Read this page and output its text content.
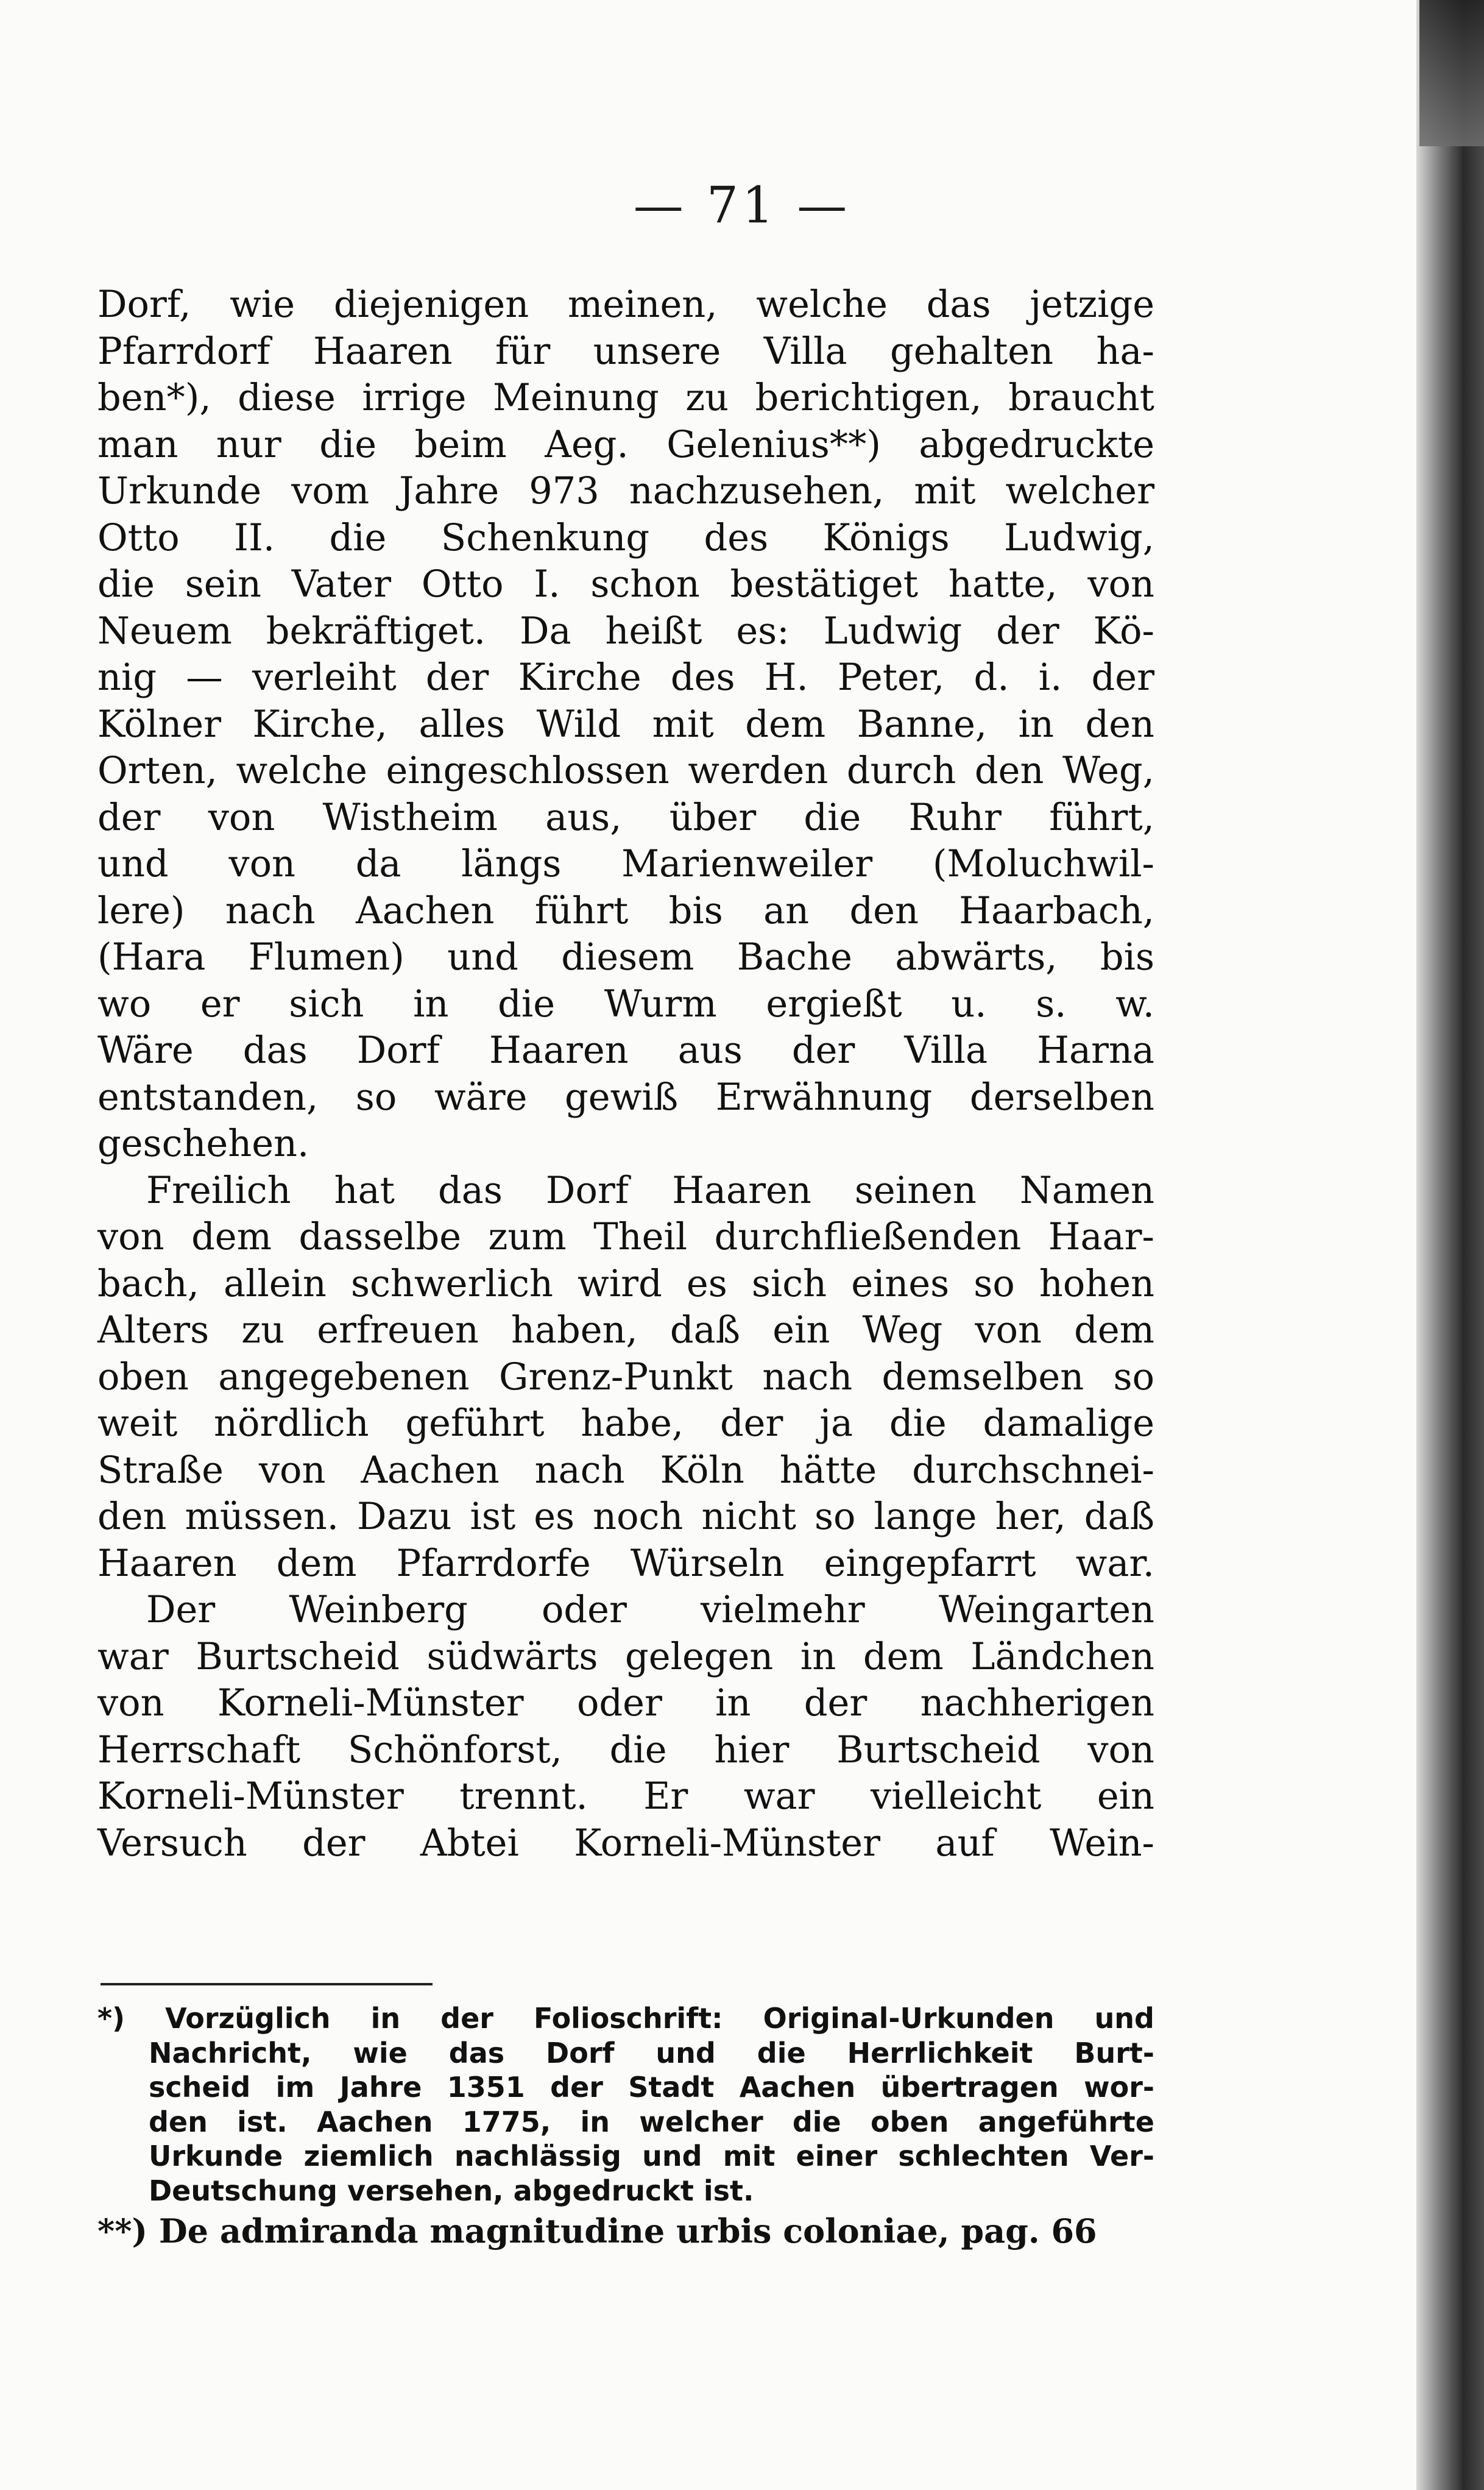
— 71 —
Dorf, wie diejenigen meinen, welche das jetzige
Pfarrdorf Haaren für unsere Villa gehalten ha-
ben*), diese irrige Meinung zu berichtigen, braucht
man nur die beim Aeg. Gelenius**) abgedruckte
Urkunde vom Jahre 973 nachzusehen, mit welcher
Otto II. die Schenkung des Königs Ludwig,
die sein Vater Otto I. schon bestätiget hatte, von
Neuem bekräftiget. Da heißt es: Ludwig der Kö-
nig — verleiht der Kirche des H. Peter, d. i. der
Kölner Kirche, alles Wild mit dem Banne, in den
Orten, welche eingeschlossen werden durch den Weg,
der von Wistheim aus, über die Ruhr führt,
und von da längs Marienweiler (Moluchwil-
lere) nach Aachen führt bis an den Haarbach,
(Hara Flumen) und diesem Bache abwärts, bis
wo er sich in die Wurm ergießt u. s. w.
Wäre das Dorf Haaren aus der Villa Harna
entstanden, so wäre gewiß Erwähnung derselben
geschehen.
Freilich hat das Dorf Haaren seinen Namen
von dem dasselbe zum Theil durchfließenden Haar-
bach, allein schwerlich wird es sich eines so hohen
Alters zu erfreuen haben, daß ein Weg von dem
oben angegebenen Grenz-Punkt nach demselben so
weit nördlich geführt habe, der ja die damalige
Straße von Aachen nach Köln hätte durchschnei-
den müssen. Dazu ist es noch nicht so lange her, daß
Haaren dem Pfarrdorfe Würseln eingepfarrt war.
Der Weinberg oder vielmehr Weingarten
war Burtscheid südwärts gelegen in dem Ländchen
von Korneli-Münster oder in der nachherigen
Herrschaft Schönforst, die hier Burtscheid von
Korneli-Münster trennt. Er war vielleicht ein
Versuch der Abtei Korneli-Münster auf Wein-
*) Vorzüglich in der Folioschrift: Original-Urkunden und
Nachricht, wie das Dorf und die Herrlichkeit Burt-
scheid im Jahre 1351 der Stadt Aachen übertragen wor-
den ist. Aachen 1775, in welcher die oben angeführte
Urkunde ziemlich nachlässig und mit einer schlechten Ver-
Deutschung versehen, abgedruckt ist.
**) De admiranda magnitudine urbis coloniae, pag. 66
